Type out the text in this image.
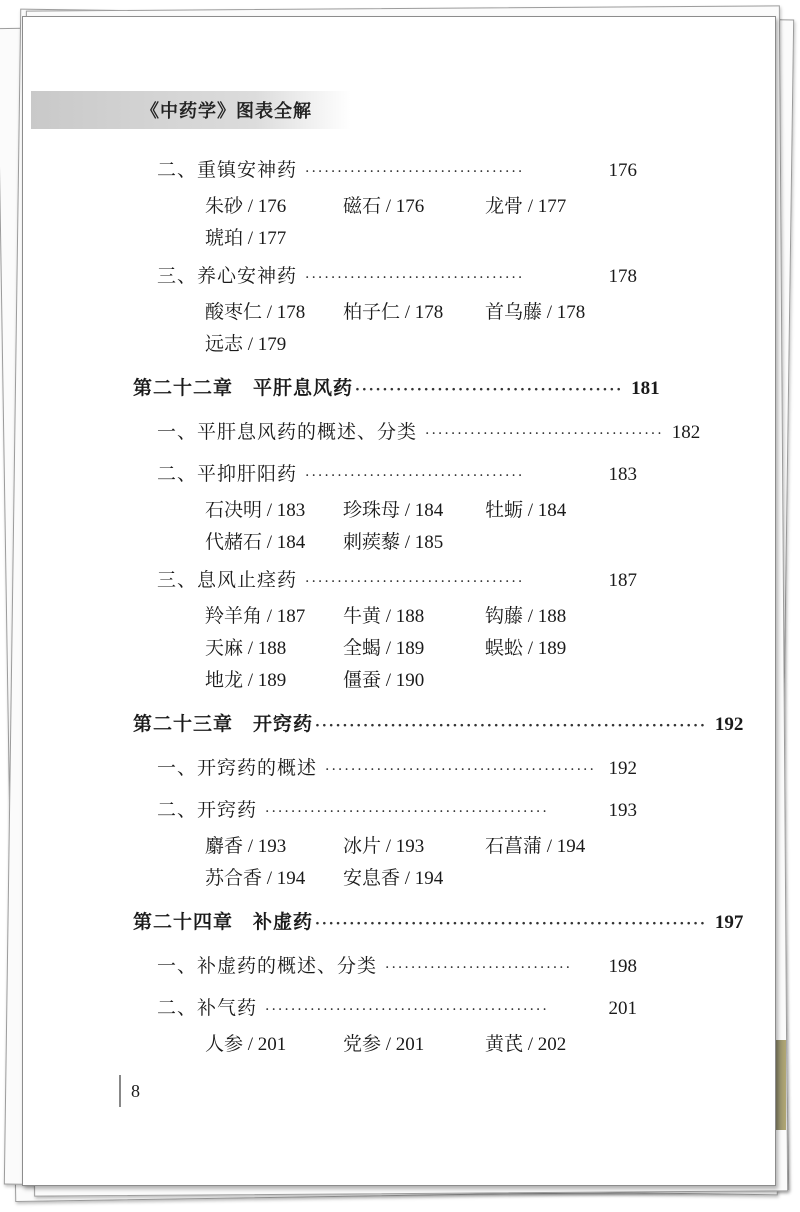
《中药学》图表全解
二、重镇安神药 ··································	176
朱砂 / 176	磁石 / 176	龙骨 / 177
琥珀 / 177
三、养心安神药 ··································	178
酸枣仁 / 178 柏子仁 / 178 首乌藤 / 178
远志 / 179
第二十二章　平肝息风药 ······································· 181
一、平肝息风药的概述、分类 ····································· 182
二、平抑肝阳药 ··································	183
石决明 / 183 珍珠母 / 184 牡蛎 / 184
代赭石 / 184 刺蒺藜 / 185
三、息风止痉药 ··································	187
羚羊角 / 187 牛黄 / 188	钩藤 / 188
天麻 / 188	全蝎 / 189	蜈蚣 / 189
地龙 / 189	僵蚕 / 190
第二十三章　开窍药 ························································· 192
一、开窍药的概述 ·········································· 192
二、开窍药 ············································	193
麝香 / 193	冰片 / 193	石菖蒲 / 194
苏合香 / 194 安息香 / 194
第二十四章　补虚药 ························································· 197
一、补虚药的概述、分类 ·····························	198
二、补气药 ············································	201
人参 / 201	党参 / 201	黄芪 / 202
8
